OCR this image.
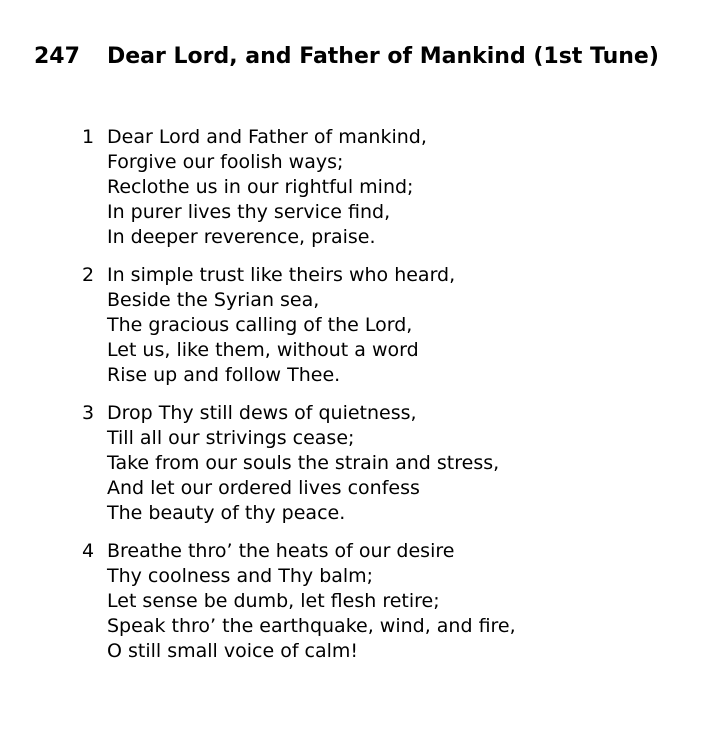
247 Dear Lord, and Father of Mankind (1st Tune)
1 Dear Lord and Father of mankind,
Forgive our foolish ways;
Reclothe us in our rightful mind;
In purer lives thy service find,
In deeper reverence, praise.
2 In simple trust like theirs who heard,
Beside the Syrian sea,
The gracious calling of the Lord,
Let us, like them, without a word
Rise up and follow Thee.
3 Drop Thy still dews of quietness,
Till all our strivings cease;
Take from our souls the strain and stress,
And let our ordered lives confess
The beauty of thy peace.
4 Breathe thro’ the heats of our desire
Thy coolness and Thy balm;
Let sense be dumb, let flesh retire;
Speak thro’ the earthquake, wind, and fire,
O still small voice of calm!
